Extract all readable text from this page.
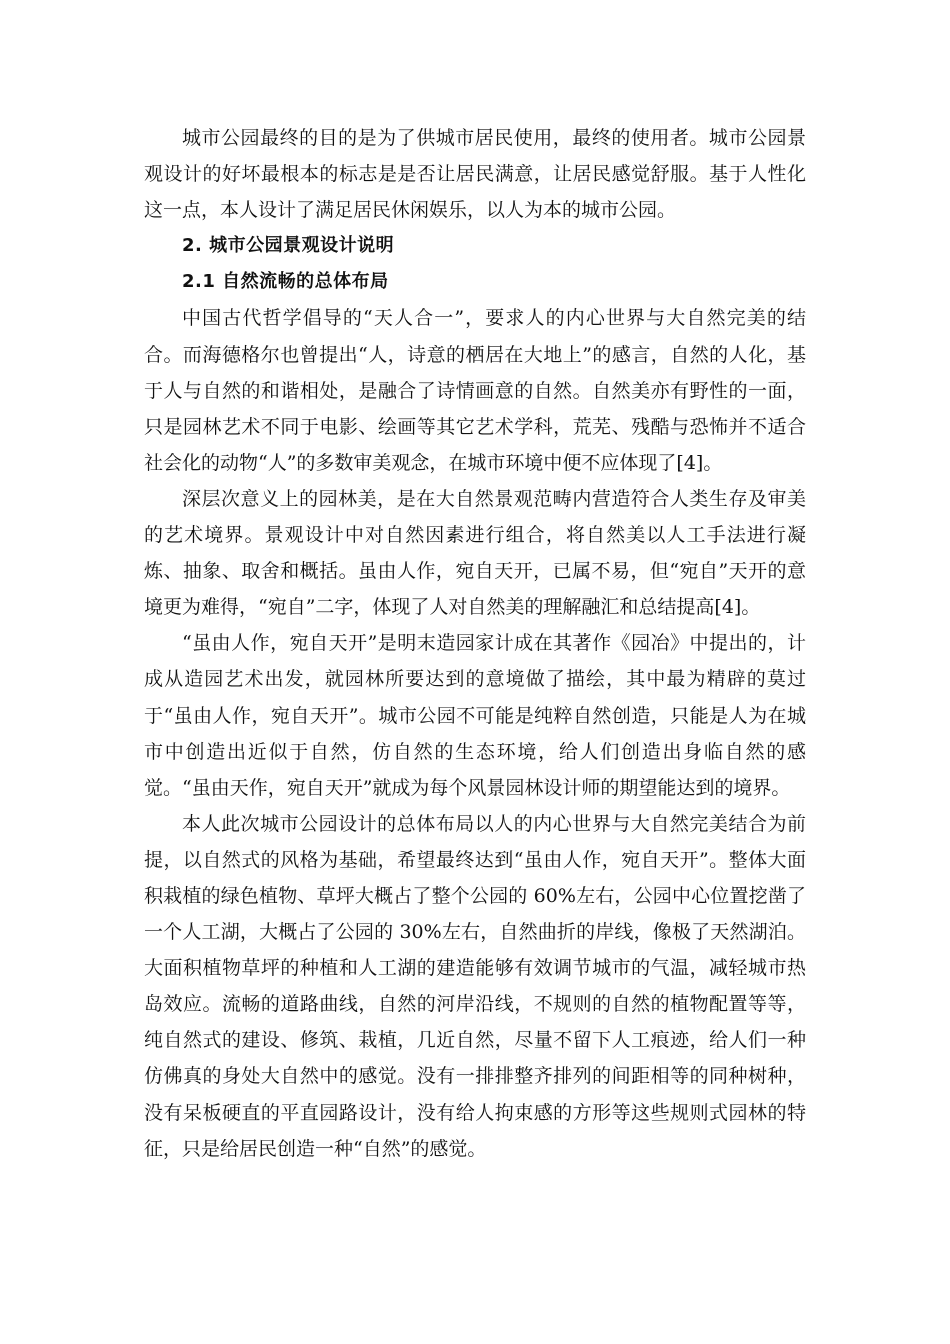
城市公园最终的目的是为了供城市居民使用，最终的使用者。城市公园景观设计的好坏最根本的标志是是否让居民满意，让居民感觉舒服。基于人性化这一点，本人设计了满足居民休闲娱乐，以人为本的城市公园。

2. 城市公园景观设计说明

2.1 自然流畅的总体布局

中国古代哲学倡导的“天人合一”，要求人的内心世界与大自然完美的结合。而海德格尔也曾提出“人，诗意的栖居在大地上”的感言，自然的人化，基于人与自然的和谐相处，是融合了诗情画意的自然。自然美亦有野性的一面，只是园林艺术不同于电影、绘画等其它艺术学科，荒芜、残酷与恐怖并不适合社会化的动物“人”的多数审美观念，在城市环境中便不应体现了[4]。

深层次意义上的园林美，是在大自然景观范畴内营造符合人类生存及审美的艺术境界。景观设计中对自然因素进行组合，将自然美以人工手法进行凝炼、抽象、取舍和概括。虽由人作，宛自天开，已属不易，但“宛自”天开的意境更为难得，“宛自”二字，体现了人对自然美的理解融汇和总结提高[4]。

“虽由人作，宛自天开”是明末造园家计成在其著作《园冶》中提出的，计成从造园艺术出发，就园林所要达到的意境做了描绘，其中最为精辟的莫过于“虽由人作，宛自天开”。城市公园不可能是纯粹自然创造，只能是人为在城市中创造出近似于自然，仿自然的生态环境，给人们创造出身临自然的感觉。“虽由天作，宛自天开”就成为每个风景园林设计师的期望能达到的境界。

本人此次城市公园设计的总体布局以人的内心世界与大自然完美结合为前提，以自然式的风格为基础，希望最终达到“虽由人作，宛自天开”。整体大面积栽植的绿色植物、草坪大概占了整个公园的 60%左右，公园中心位置挖凿了一个人工湖，大概占了公园的 30%左右，自然曲折的岸线，像极了天然湖泊。大面积植物草坪的种植和人工湖的建造能够有效调节城市的气温，减轻城市热岛效应。流畅的道路曲线，自然的河岸沿线，不规则的自然的植物配置等等，纯自然式的建设、修筑、栽植，几近自然，尽量不留下人工痕迹，给人们一种仿佛真的身处大自然中的感觉。没有一排排整齐排列的间距相等的同种树种，没有呆板硬直的平直园路设计，没有给人拘束感的方形等这些规则式园林的特征，只是给居民创造一种“自然”的感觉。
